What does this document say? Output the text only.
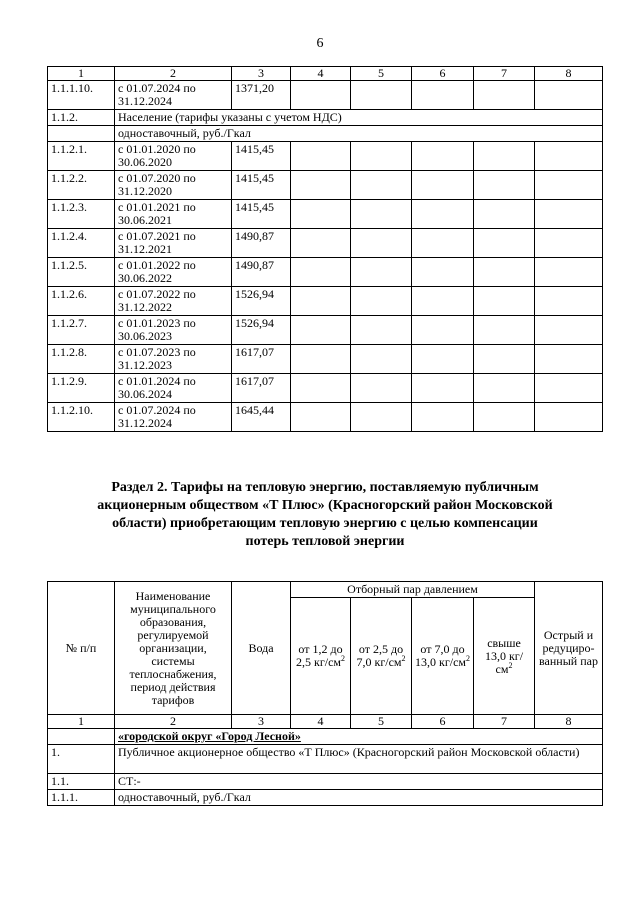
6
1	2	3	4	5	6	7	8
1.1.1.10.	с 01.07.2024 по 31.12.2024	1371,20					
1.1.2.	Население (тарифы указаны с учетом НДС)						
	одноставочный, руб./Гкал						
1.1.2.1.	с 01.01.2020 по 30.06.2020	1415,45					
1.1.2.2.	с 01.07.2020 по 31.12.2020	1415,45					
1.1.2.3.	с 01.01.2021 по 30.06.2021	1415,45					
1.1.2.4.	с 01.07.2021 по 31.12.2021	1490,87					
1.1.2.5.	с 01.01.2022 по 30.06.2022	1490,87					
1.1.2.6.	с 01.07.2022 по 31.12.2022	1526,94					
1.1.2.7.	с 01.01.2023 по 30.06.2023	1526,94					
1.1.2.8.	с 01.07.2023 по 31.12.2023	1617,07					
1.1.2.9.	с 01.01.2024 по 30.06.2024	1617,07					
1.1.2.10.	с 01.07.2024 по 31.12.2024	1645,44					
Раздел 2. Тарифы на тепловую энергию, поставляемую публичным акционерным обществом «Т Плюс» (Красногорский район Московской области) приобретающим тепловую энергию с целью компенсации потерь тепловой энергии
№ п/п	Наименование муниципального образования, регулируемой организации, системы теплоснабжения, период действия тарифов	Вода	Отборный пар давлением				Острый и редуциро-ванный пар
			от 1,2 до 2,5 $кг/см^2$	от 2,5 до 7,0 $кг/см^2$	от 7,0 до 13,0 $кг/см^2$	свыше 13,0 $кг/см^2$
1	2	3	4	5	6	7	8
	«городской округ «Город Лесной»						
1.	Публичное акционерное общество «Т Плюс» (Красногорский район Московской области)						
1.1.	СТ:-						
1.1.1.	одноставочный, руб./Гкал						
